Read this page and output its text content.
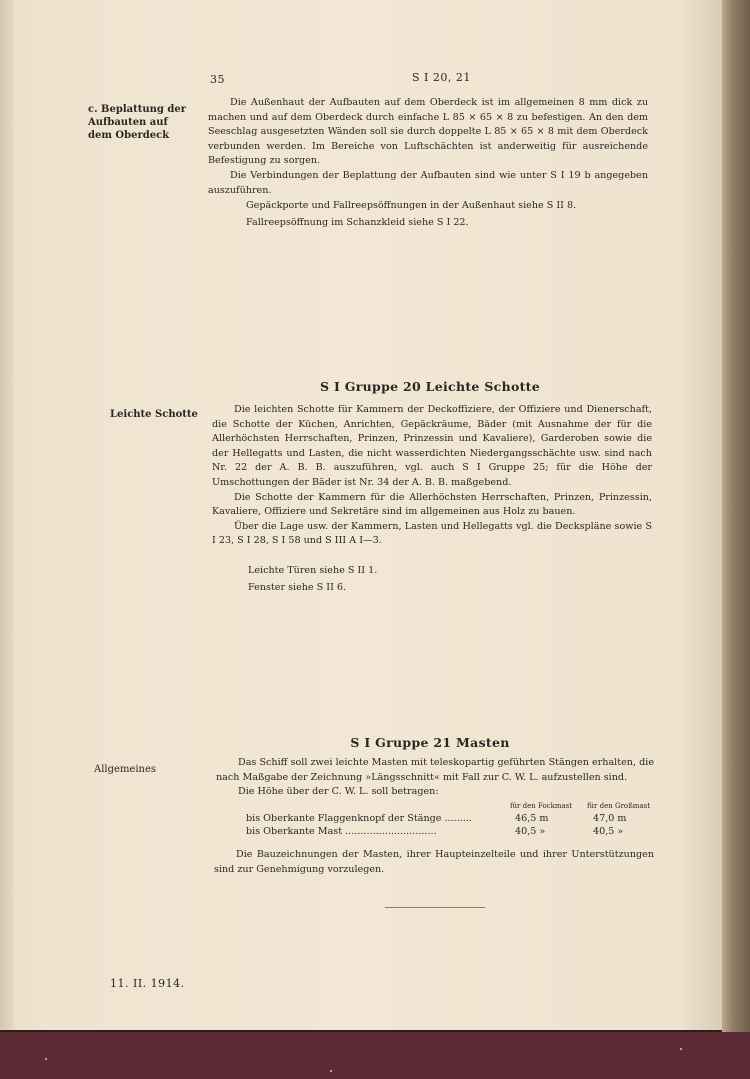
35	S I 20, 21
c. Beplattung der Aufbauten auf dem Oberdeck

Die Außenhaut der Aufbauten auf dem Oberdeck ist im allgemeinen 8 mm dick zu machen und auf dem Oberdeck durch einfache L 85 × 65 × 8 zu befestigen. An den dem Seeschlag ausgesetzten Wänden soll sie durch doppelte L 85 × 65 × 8 mit dem Oberdeck verbunden werden. Im Bereiche von Luftschächten ist anderweitig für ausreichende Befestigung zu sorgen.

Die Verbindungen der Beplattung der Aufbauten sind wie unter S I 19 b angegeben auszuführen.

Gepäckporte und Fallreepsöffnungen in der Außenhaut siehe S II 8.
Fallreepsöffnung im Schanzkleid siehe S I 22.
S I Gruppe 20 Leichte Schotte
Leichte Schotte	Die leichten Schotte für Kammern der Deckoffiziere, der Offiziere und Dienerschaft, die Schotte der Küchen, Anrichten, Gepäckräume, Bäder (mit Ausnahme der für die Allerhöchsten Herrschaften, Prinzen, Prinzessin und Kavaliere), Garderoben sowie die der Hellegatts und Lasten, die nicht wasserdichten Niedergangsschächte usw. sind nach Nr. 22 der A. B. B. auszuführen, vgl. auch S I Gruppe 25; für die Höhe der Umschottungen der Bäder ist Nr. 34 der A. B. B. maßgebend.

Die Schotte der Kammern für die Allerhöchsten Herrschaften, Prinzen, Prinzessin, Kavaliere, Offiziere und Sekretäre sind im allgemeinen aus Holz zu bauen.

Über die Lage usw. der Kammern, Lasten und Hellegatts vgl. die Deckspläne sowie S I 23, S I 28, S I 58 und S III A I—3.

Leichte Türen siehe S II 1.
Fenster siehe S II 6.
S I Gruppe 21 Masten
Allgemeines

Das Schiff soll zwei leichte Masten mit teleskopartig geführten Stängen erhalten, die nach Maßgabe der Zeichnung »Längsschnitt« mit Fall zur C. W. L. aufzustellen sind.

Die Höhe über der C. W. L. soll betragen:

	für den Fockmast	für den Großmast
bis Oberkante Flaggenknopf der Stänge .........	46,5 m	47,0 m
bis Oberkante Mast ..............................	40,5 »	40,5 »

Die Bauzeichnungen der Masten, ihrer Haupteinzelteile und ihrer Unterstützungen sind zur Genehmigung vorzulegen.

11. II. 1914.
